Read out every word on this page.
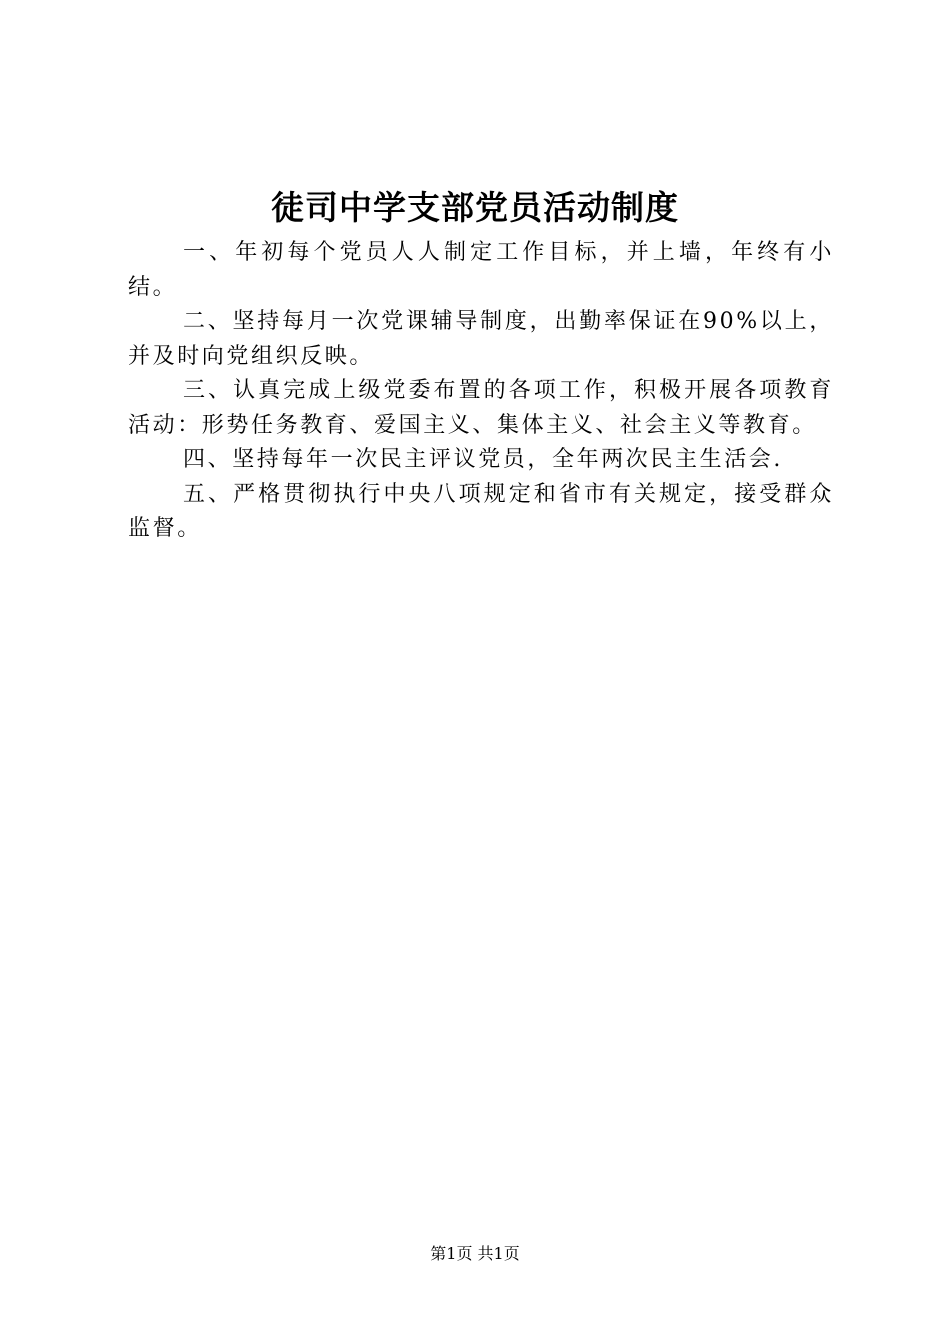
徒司中学支部党员活动制度

一、年初每个党员人人制定工作目标，并上墙，年终有小结。

二、坚持每月一次党课辅导制度，出勤率保证在90%以上，并及时向党组织反映。

三、认真完成上级党委布置的各项工作，积极开展各项教育活动：形势任务教育、爱国主义、集体主义、社会主义等教育。

四、坚持每年一次民主评议党员，全年两次民主生活会.

五、严格贯彻执行中央八项规定和省市有关规定，接受群众监督。

第1页 共1页
